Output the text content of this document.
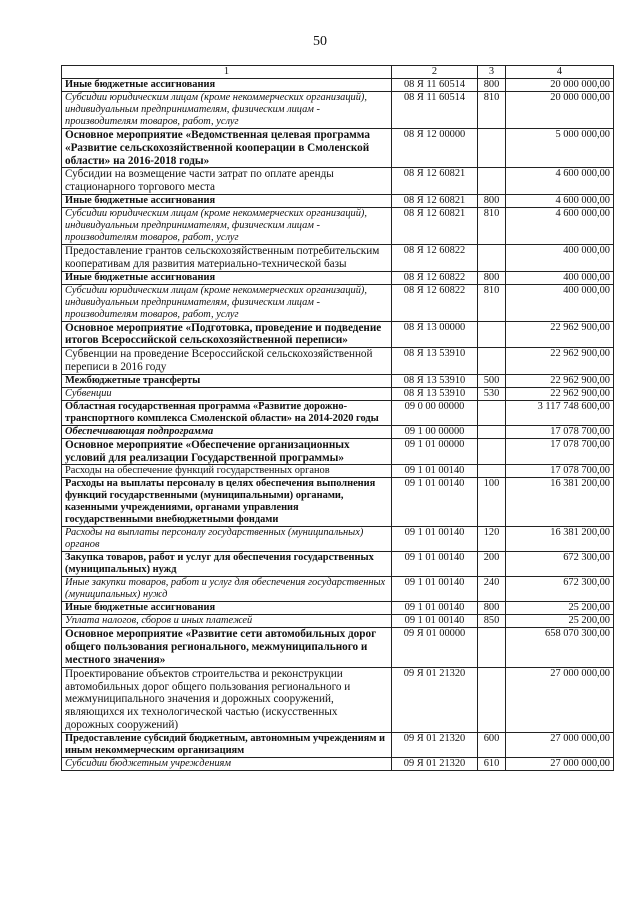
50
1	2	3	4
Иные бюджетные ассигнования	08 Я 11 60514	800	20 000 000,00
Субсидии юридическим лицам (кроме некоммерческих организаций), индивидуальным предпринимателям, физическим лицам - производителям товаров, работ, услуг	08 Я 11 60514	810	20 000 000,00
Основное мероприятие «Ведомственная целевая программа «Развитие сельскохозяйственной кооперации в Смоленской области» на 2016-2018 годы»	08 Я 12 00000		5 000 000,00
Субсидии на возмещение части затрат по оплате аренды стационарного торгового места	08 Я 12 60821		4 600 000,00
Иные бюджетные ассигнования	08 Я 12 60821	800	4 600 000,00
Субсидии юридическим лицам (кроме некоммерческих организаций), индивидуальным предпринимателям, физическим лицам - производителям товаров, работ, услуг	08 Я 12 60821	810	4 600 000,00
Предоставление грантов сельскохозяйственным потребительским кооперативам для развития материально-технической базы	08 Я 12 60822		400 000,00
Иные бюджетные ассигнования	08 Я 12 60822	800	400 000,00
Субсидии юридическим лицам (кроме некоммерческих организаций), индивидуальным предпринимателям, физическим лицам - производителям товаров, работ, услуг	08 Я 12 60822	810	400 000,00
Основное мероприятие «Подготовка, проведение и подведение итогов Всероссийской сельскохозяйственной переписи»	08 Я 13 00000		22 962 900,00
Субвенции на проведение Всероссийской сельскохозяйственной переписи в 2016 году	08 Я 13 53910		22 962 900,00
Межбюджетные трансферты	08 Я 13 53910	500	22 962 900,00
Субвенции	08 Я 13 53910	530	22 962 900,00
Областная государственная программа «Развитие дорожно-транспортного комплекса Смоленской области» на 2014-2020 годы	09 0 00 00000		3 117 748 600,00
Обеспечивающая подпрограмма	09 1 00 00000		17 078 700,00
Основное мероприятие «Обеспечение организационных условий для реализации Государственной программы»	09 1 01 00000		17 078 700,00
Расходы на обеспечение функций государственных органов	09 1 01 00140		17 078 700,00
Расходы на выплаты персоналу в целях обеспечения выполнения функций государственными (муниципальными) органами, казенными учреждениями, органами управления государственными внебюджетными фондами	09 1 01 00140	100	16 381 200,00
Расходы на выплаты персоналу государственных (муниципальных) органов	09 1 01 00140	120	16 381 200,00
Закупка товаров, работ и услуг для обеспечения государственных (муниципальных) нужд	09 1 01 00140	200	672 300,00
Иные закупки товаров, работ и услуг для обеспечения государственных (муниципальных) нужд	09 1 01 00140	240	672 300,00
Иные бюджетные ассигнования	09 1 01 00140	800	25 200,00
Уплата налогов, сборов и иных платежей	09 1 01 00140	850	25 200,00
Основное мероприятие «Развитие сети автомобильных дорог общего пользования регионального, межмуниципального и местного значения»	09 Я 01 00000		658 070 300,00
Проектирование объектов строительства и реконструкции автомобильных дорог общего пользования регионального и межмуниципального значения и дорожных сооружений, являющихся их технологической частью (искусственных дорожных сооружений)	09 Я 01 21320		27 000 000,00
Предоставление субсидий бюджетным, автономным учреждениям и иным некоммерческим организациям	09 Я 01 21320	600	27 000 000,00
Субсидии бюджетным учреждениям	09 Я 01 21320	610	27 000 000,00
